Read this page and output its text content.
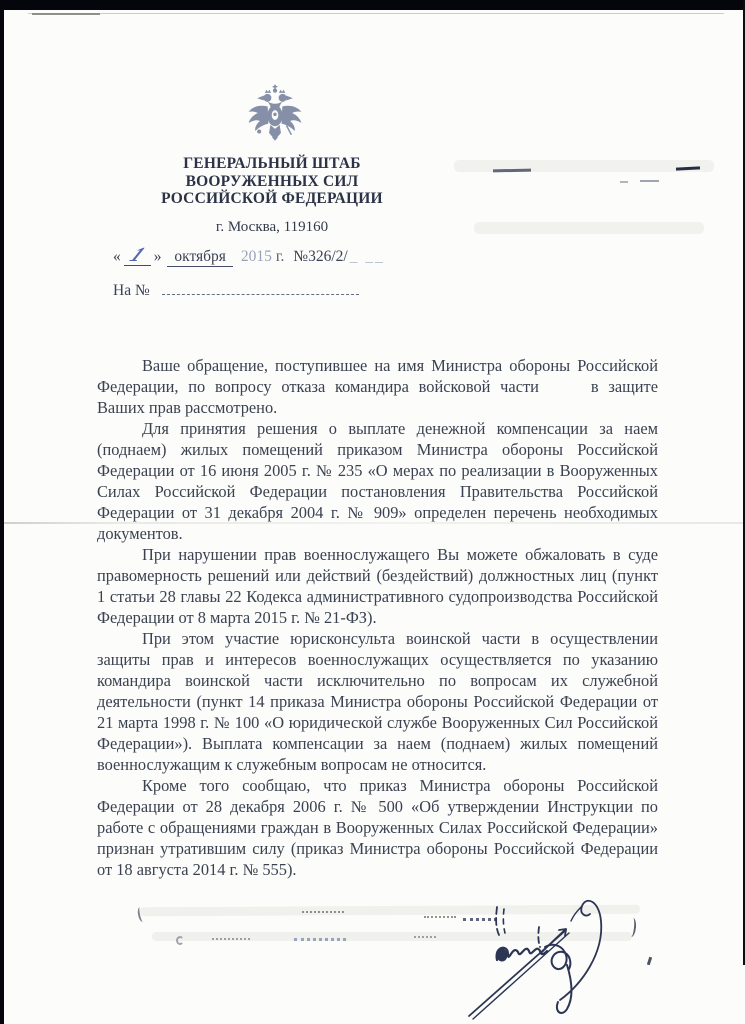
ГЕНЕРАЛЬНЫЙ ШТАБ
ВООРУЖЕННЫХ СИЛ
РОССИЙСКОЙ ФЕДЕРАЦИИ
г. Москва, 119160
« 1 » октября 2015 г. №326/2/ _ __
На №

Ваше обращение, поступившее на имя Министра обороны Российской Федерации, по вопросу отказа командира войсковой части	в защите Ваших прав рассмотрено.

Для принятия решения о выплате денежной компенсации за наем (поднаем) жилых помещений приказом Министра обороны Российской Федерации от 16 июня 2005 г. № 235 «О мерах по реализации в Вооруженных Силах Российской Федерации постановления Правительства Российской Федерации от 31 декабря 2004 г. № 909» определен перечень необходимых документов.

При нарушении прав военнослужащего Вы можете обжаловать в суде правомерность решений или действий (бездействий) должностных лиц (пункт 1 статьи 28 главы 22 Кодекса административного судопроизводства Российской Федерации от 8 марта 2015 г. № 21-ФЗ).

При этом участие юрисконсульта воинской части в осуществлении защиты прав и интересов военнослужащих осуществляется по указанию командира воинской части исключительно по вопросам их служебной деятельности (пункт 14 приказа Министра обороны Российской Федерации от 21 марта 1998 г. № 100 «О юридической службе Вооруженных Сил Российской Федерации»). Выплата компенсации за наем (поднаем) жилых помещений военнослужащим к служебным вопросам не относится.

Кроме того сообщаю, что приказ Министра обороны Российской Федерации от 28 декабря 2006 г. № 500 «Об утверждении Инструкции по работе с обращениями граждан в Вооруженных Силах Российской Федерации» признан утратившим силу (приказ Министра обороны Российской Федерации от 18 августа 2014 г. № 555).
